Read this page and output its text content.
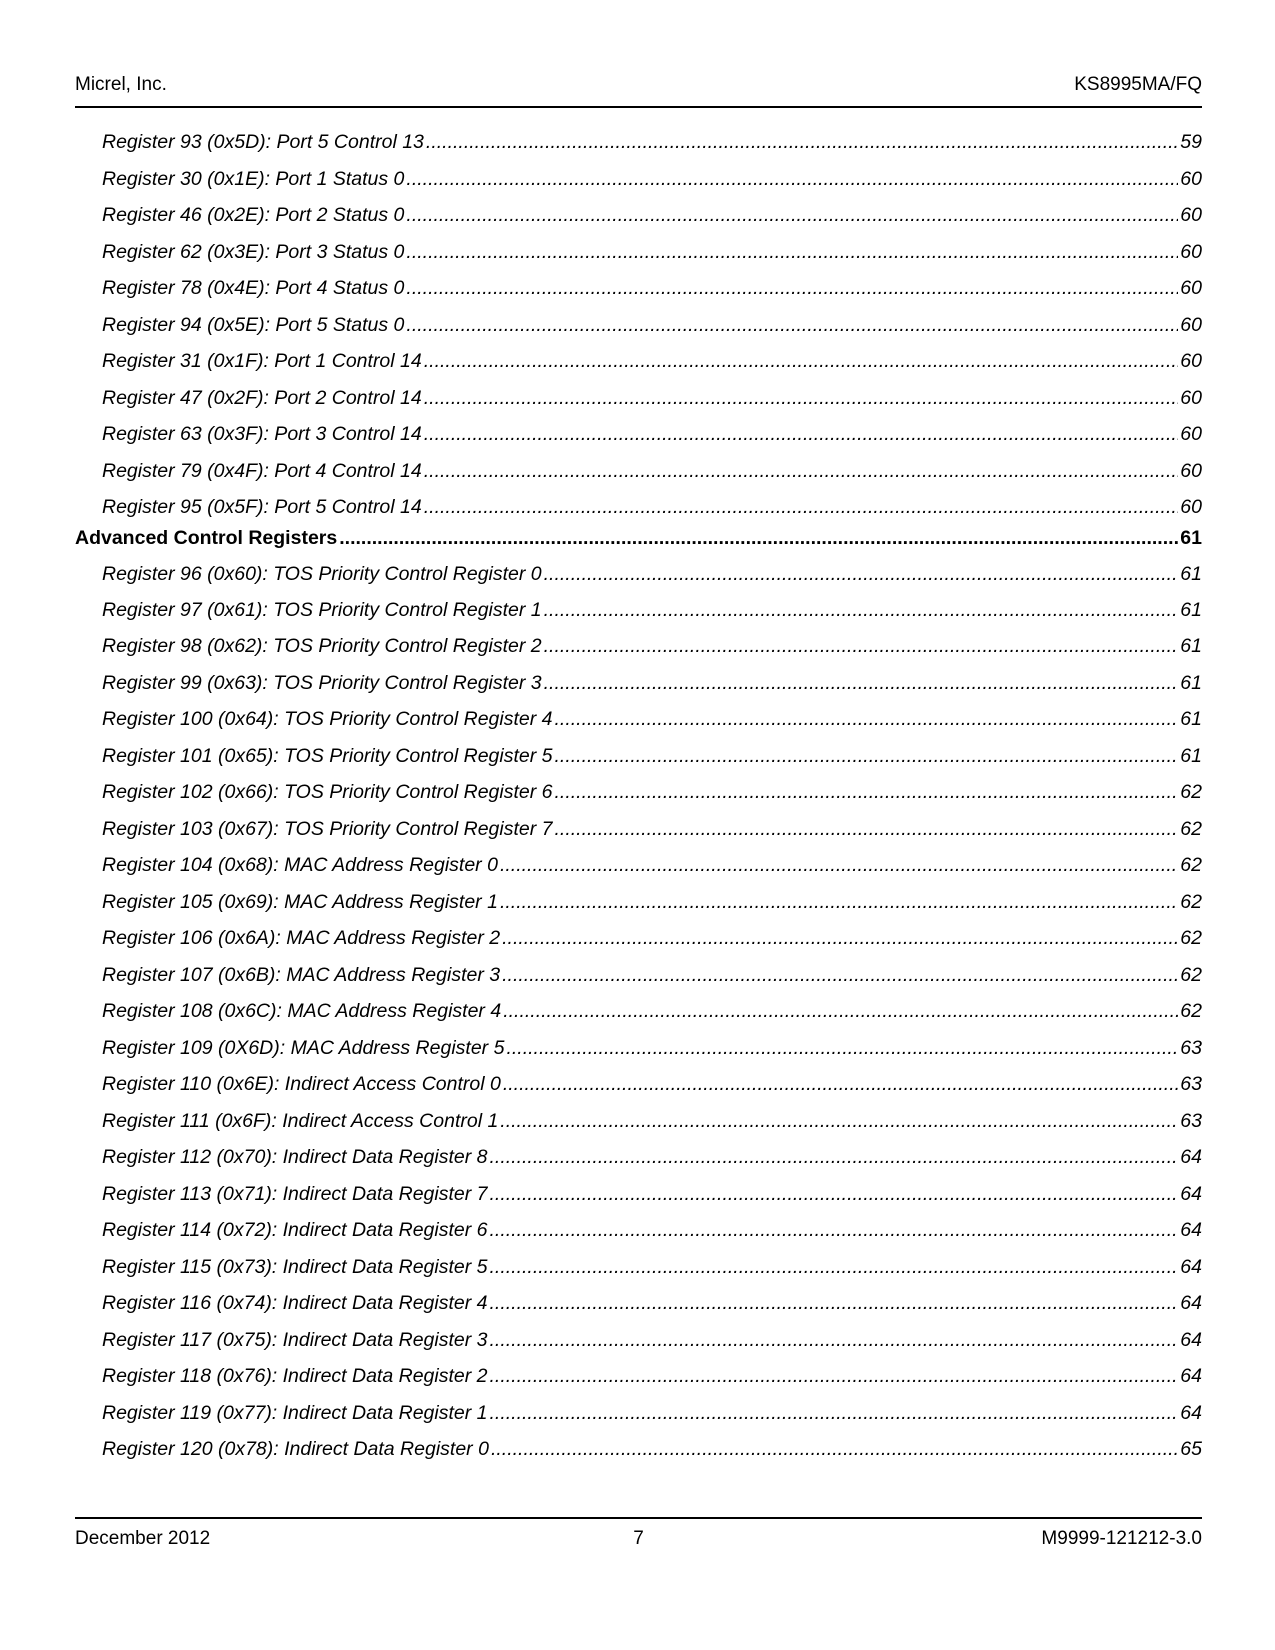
Micrel, Inc.	KS8995MA/FQ
Register 93 (0x5D): Port 5 Control 13 .....	59
Register 30 (0x1E): Port 1 Status 0 .....	60
Register 46 (0x2E): Port 2 Status 0 .....	60
Register 62 (0x3E): Port 3 Status 0 .....	60
Register 78 (0x4E): Port 4 Status 0 .....	60
Register 94 (0x5E): Port 5 Status 0 .....	60
Register 31 (0x1F): Port 1 Control 14 .....	60
Register 47 (0x2F): Port 2 Control 14 .....	60
Register 63 (0x3F): Port 3 Control 14 .....	60
Register 79 (0x4F): Port 4 Control 14 .....	60
Register 95 (0x5F): Port 5 Control 14 .....	60
Advanced Control Registers .....	61
Register 96 (0x60): TOS Priority Control Register 0 .....	61
Register 97 (0x61): TOS Priority Control Register 1 .....	61
Register 98 (0x62): TOS Priority Control Register 2 .....	61
Register 99 (0x63): TOS Priority Control Register 3 .....	61
Register 100 (0x64): TOS Priority Control Register 4 .....	61
Register 101 (0x65): TOS Priority Control Register 5 .....	61
Register 102 (0x66): TOS Priority Control Register 6 .....	62
Register 103 (0x67): TOS Priority Control Register 7 .....	62
Register 104 (0x68): MAC Address Register 0 .....	62
Register 105 (0x69): MAC Address Register 1 .....	62
Register 106 (0x6A): MAC Address Register 2 .....	62
Register 107 (0x6B): MAC Address Register 3 .....	62
Register 108 (0x6C): MAC Address Register 4 .....	62
Register 109 (0X6D): MAC Address Register 5 .....	63
Register 110 (0x6E): Indirect Access Control 0 .....	63
Register 111 (0x6F): Indirect Access Control 1 .....	63
Register 112 (0x70): Indirect Data Register 8 .....	64
Register 113 (0x71): Indirect Data Register 7 .....	64
Register 114 (0x72): Indirect Data Register 6 .....	64
Register 115 (0x73): Indirect Data Register 5 .....	64
Register 116 (0x74): Indirect Data Register 4 .....	64
Register 117 (0x75): Indirect Data Register 3 .....	64
Register 118 (0x76): Indirect Data Register 2 .....	64
Register 119 (0x77): Indirect Data Register 1 .....	64
Register 120 (0x78): Indirect Data Register 0 .....	65
December 2012	7	M9999-121212-3.0
